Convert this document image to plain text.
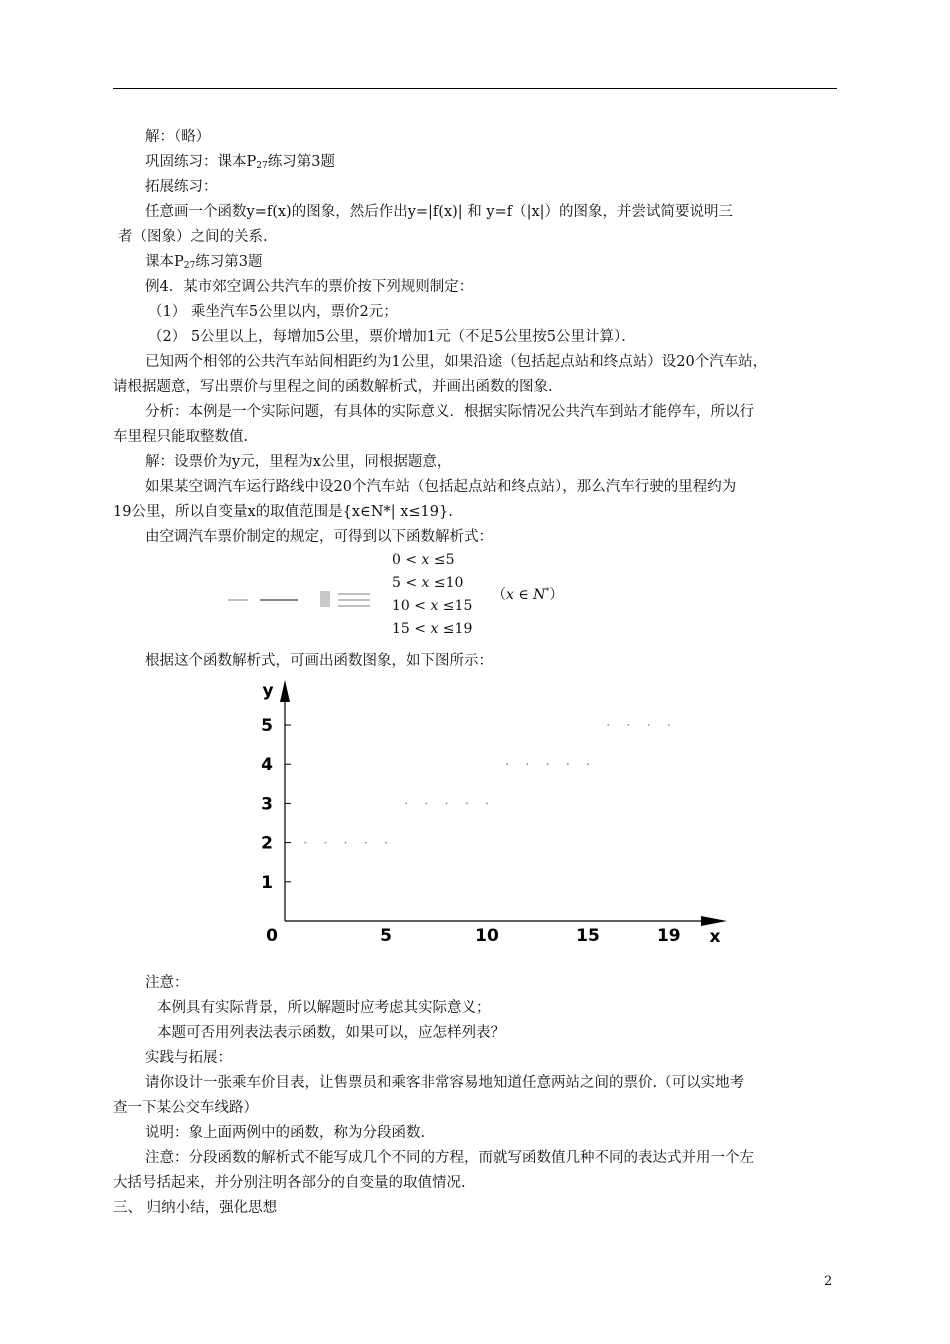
解：（略）
巩固练习：课本$P_{27}$练习第3题
拓展练习：
任意画一个函数y=f(x)的图象，然后作出y=|f(x)| 和 y=f（|x|）的图象，并尝试简要说明三
者（图象）之间的关系.
课本$P_{27}$练习第3题
例4．某市郊空调公共汽车的票价按下列规则制定：
（1） 乘坐汽车5公里以内，票价2元；
（2） 5公里以上，每增加5公里，票价增加1元（不足5公里按5公里计算）．
已知两个相邻的公共汽车站间相距约为1公里，如果沿途（包括起点站和终点站）设20个汽车站，
请根据题意，写出票价与里程之间的函数解析式，并画出函数的图象.
分析：本例是一个实际问题，有具体的实际意义．根据实际情况公共汽车到站才能停车，所以行
车里程只能取整数值.
解：设票价为y元，里程为x公里，同根据题意，
如果某空调汽车运行路线中设20个汽车站（包括起点站和终点站），那么汽车行驶的里程约为
19公里，所以自变量x的取值范围是{x∈N*| x≤19}.
由空调汽车票价制定的规定，可得到以下函数解析式：
0 < x ≤5
5 < x ≤10
10 < x ≤15
15 < x ≤19
（x ∈ N*）
根据这个函数解析式，可画出函数图象，如下图所示：
1
2
3
4
5
0	5	10	15	19 x
y
注意：
本例具有实际背景，所以解题时应考虑其实际意义；
本题可否用列表法表示函数，如果可以，应怎样列表？
实践与拓展：
请你设计一张乘车价目表，让售票员和乘客非常容易地知道任意两站之间的票价.（可以实地考
查一下某公交车线路）
说明：象上面两例中的函数，称为分段函数.
注意：分段函数的解析式不能写成几个不同的方程，而就写函数值几种不同的表达式并用一个左
大括号括起来，并分别注明各部分的自变量的取值情况.
三、 归纳小结，强化思想
2
